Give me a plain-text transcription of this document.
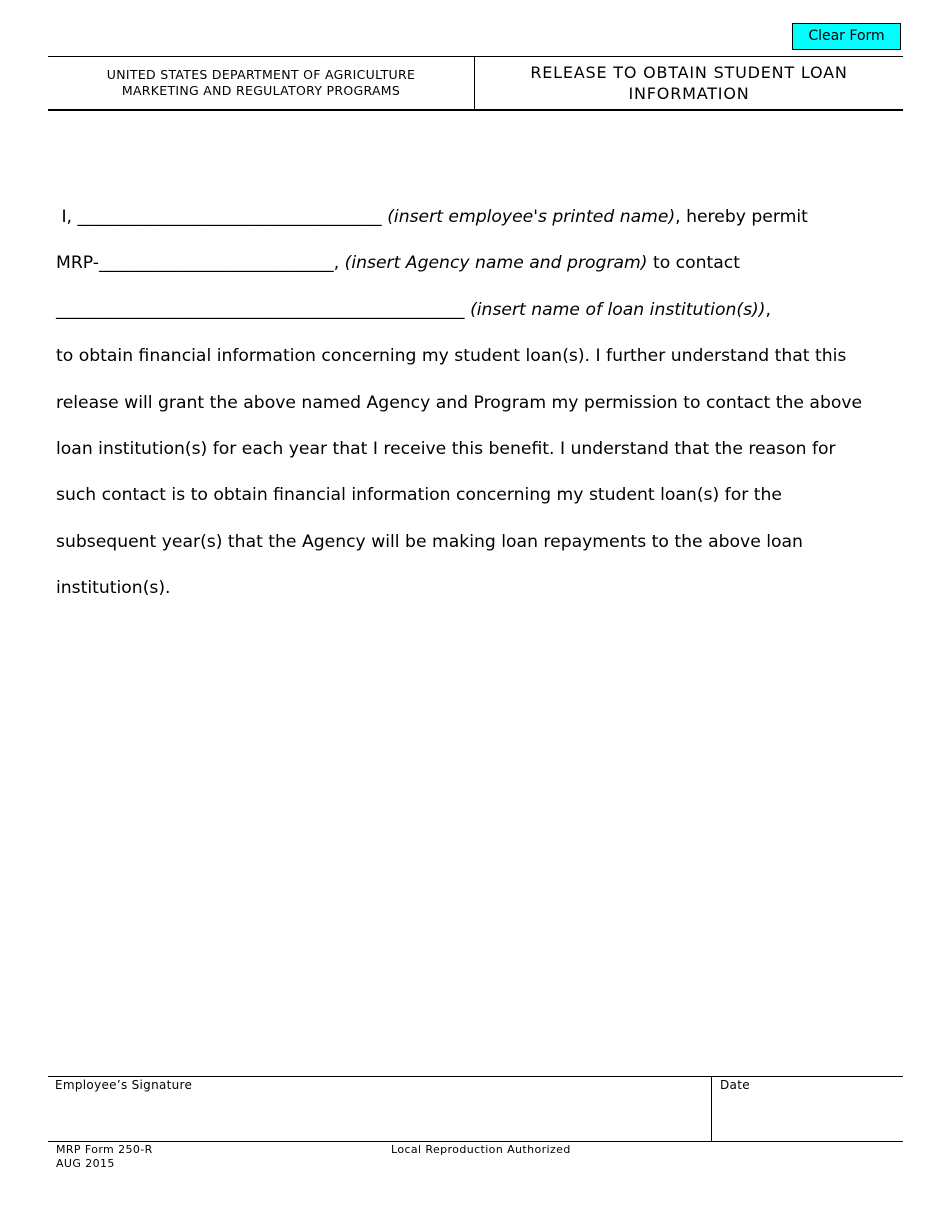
Clear Form
UNITED STATES DEPARTMENT OF AGRICULTURE
MARKETING AND REGULATORY PROGRAMS
RELEASE TO OBTAIN STUDENT LOAN
INFORMATION
I, ___________________________________ (insert employee's printed name), hereby permit
MRP-___________________________, (insert Agency name and program) to contact
_______________________________________________ (insert name of loan institution(s)),
to obtain financial information concerning my student loan(s). I further understand that this
release will grant the above named Agency and Program my permission to contact the above
loan institution(s) for each year that I receive this benefit. I understand that the reason for
such contact is to obtain financial information concerning my student loan(s) for the
subsequent year(s) that the Agency will be making loan repayments to the above loan
institution(s).
Employee’s Signature	Date
MRP Form 250-R
AUG 2015
Local Reproduction Authorized
